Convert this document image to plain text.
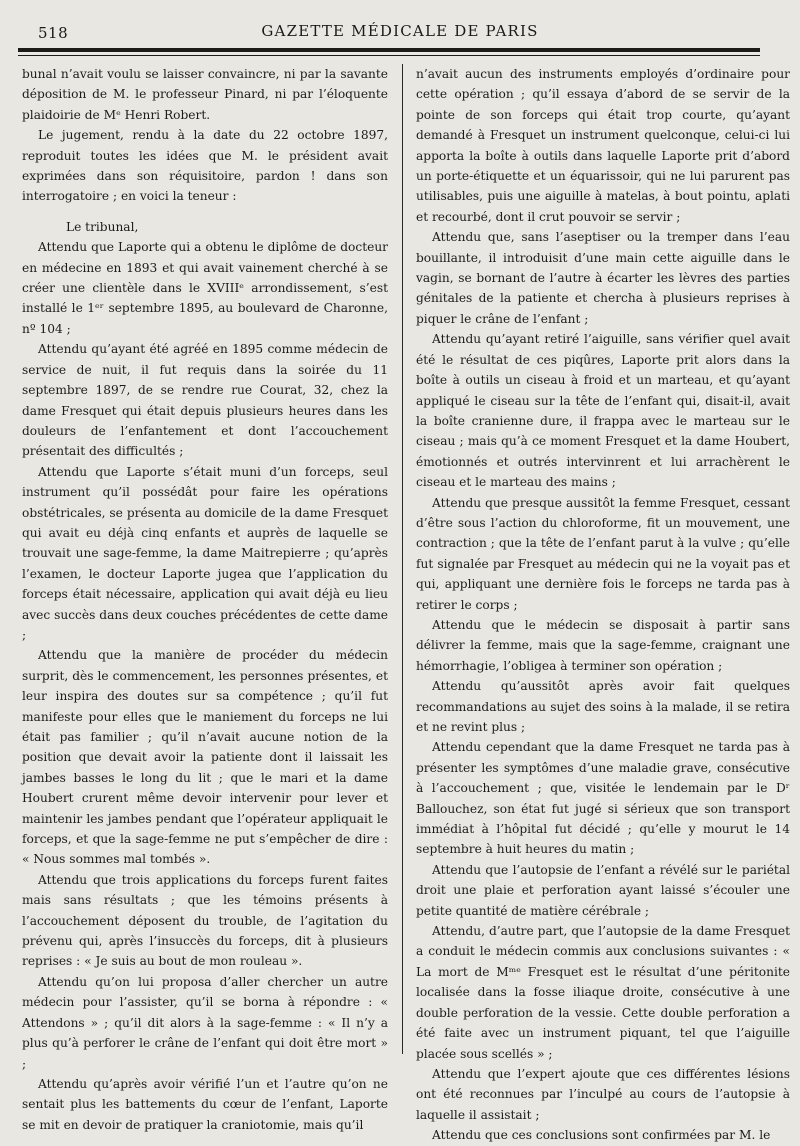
518	GAZETTE MÉDICALE DE PARIS

bunal n’avait voulu se laisser convaincre, ni par la savante déposition de M. le professeur Pinard, ni par l’éloquente plaidoirie de Mᵉ Henri Robert.

Le jugement, rendu à la date du 22 octobre 1897, reproduit toutes les idées que M. le président avait exprimées dans son réquisitoire, pardon ! dans son interrogatoire ; en voici la teneur :

Le tribunal,

Attendu que Laporte qui a obtenu le diplôme de docteur en médecine en 1893 et qui avait vainement cherché à se créer une clientèle dans le XVIIIᵉ arrondissement, s’est installé le 1ᵉʳ septembre 1895, au boulevard de Charonne, nº 104 ;

Attendu qu’ayant été agréé en 1895 comme médecin de service de nuit, il fut requis dans la soirée du 11 septembre 1897, de se rendre rue Courat, 32, chez la dame Fresquet qui était depuis plusieurs heures dans les douleurs de l’enfantement et dont l’accouchement présentait des difficultés ;

Attendu que Laporte s’était muni d’un forceps, seul instrument qu’il possédât pour faire les opérations obstétricales, se présenta au domicile de la dame Fresquet qui avait eu déjà cinq enfants et auprès de laquelle se trouvait une sage-femme, la dame Maitrepierre ; qu’après l’examen, le docteur Laporte jugea que l’application du forceps était nécessaire, application qui avait déjà eu lieu avec succès dans deux couches précédentes de cette dame ;

Attendu que la manière de procéder du médecin surprit, dès le commencement, les personnes présentes, et leur inspira des doutes sur sa compétence ; qu’il fut manifeste pour elles que le maniement du forceps ne lui était pas familier ; qu’il n’avait aucune notion de la position que devait avoir la patiente dont il laissait les jambes basses le long du lit ; que le mari et la dame Houbert crurent même devoir intervenir pour lever et maintenir les jambes pendant que l’opérateur appliquait le forceps, et que la sage-femme ne put s’empêcher de dire : « Nous sommes mal tombés ».

Attendu que trois applications du forceps furent faites mais sans résultats ; que les témoins présents à l’accouchement déposent du trouble, de l’agitation du prévenu qui, après l’insuccès du forceps, dit à plusieurs reprises : « Je suis au bout de mon rouleau ».

Attendu qu’on lui proposa d’aller chercher un autre médecin pour l’assister, qu’il se borna à répondre : « Attendons » ; qu’il dit alors à la sage-femme : « Il n’y a plus qu’à perforer le crâne de l’enfant qui doit être mort » ;

Attendu qu’après avoir vérifié l’un et l’autre qu’on ne sentait plus les battements du cœur de l’enfant, Laporte se mit en devoir de pratiquer la craniotomie, mais qu’il

n’avait aucun des instruments employés d’ordinaire pour cette opération ; qu’il essaya d’abord de se servir de la pointe de son forceps qui était trop courte, qu’ayant demandé à Fresquet un instrument quelconque, celui-ci lui apporta la boîte à outils dans laquelle Laporte prit d’abord un porte-étiquette et un équarissoir, qui ne lui parurent pas utilisables, puis une aiguille à matelas, à bout pointu, aplati et recourbé, dont il crut pouvoir se servir ;

Attendu que, sans l’aseptiser ou la tremper dans l’eau bouillante, il introduisit d’une main cette aiguille dans le vagin, se bornant de l’autre à écarter les lèvres des parties génitales de la patiente et chercha à plusieurs reprises à piquer le crâne de l’enfant ;

Attendu qu’ayant retiré l’aiguille, sans vérifier quel avait été le résultat de ces piqûres, Laporte prit alors dans la boîte à outils un ciseau à froid et un marteau, et qu’ayant appliqué le ciseau sur la tête de l’enfant qui, disait-il, avait la boîte cranienne dure, il frappa avec le marteau sur le ciseau ; mais qu’à ce moment Fresquet et la dame Houbert, émotionnés et outrés intervinrent et lui arrachèrent le ciseau et le marteau des mains ;

Attendu que presque aussitôt la femme Fresquet, cessant d’être sous l’action du chloroforme, fit un mouvement, une contraction ; que la tête de l’enfant parut à la vulve ; qu’elle fut signalée par Fresquet au médecin qui ne la voyait pas et qui, appliquant une dernière fois le forceps ne tarda pas à retirer le corps ;

Attendu que le médecin se disposait à partir sans délivrer la femme, mais que la sage-femme, craignant une hémorrhagie, l’obligea à terminer son opération ;

Attendu qu’aussitôt après avoir fait quelques recommandations au sujet des soins à la malade, il se retira et ne revint plus ;

Attendu cependant que la dame Fresquet ne tarda pas à présenter les symptômes d’une maladie grave, consécutive à l’accouchement ; que, visitée le lendemain par le Dʳ Ballouchez, son état fut jugé si sérieux que son transport immédiat à l’hôpital fut décidé ; qu’elle y mourut le 14 septembre à huit heures du matin ;

Attendu que l’autopsie de l’enfant a révélé sur le pariétal droit une plaie et perforation ayant laissé s’écouler une petite quantité de matière cérébrale ;

Attendu, d’autre part, que l’autopsie de la dame Fresquet a conduit le médecin commis aux conclusions suivantes : « La mort de Mᵐᵉ Fresquet est le résultat d’une péritonite localisée dans la fosse iliaque droite, consécutive à une double perforation de la vessie. Cette double perforation a été faite avec un instrument piquant, tel que l’aiguille placée sous scellés » ;

Attendu que l’expert ajoute que ces différentes lésions ont été reconnues par l’inculpé au cours de l’autopsie à laquelle il assistait ;

Attendu que ces conclusions sont confirmées par M. le
